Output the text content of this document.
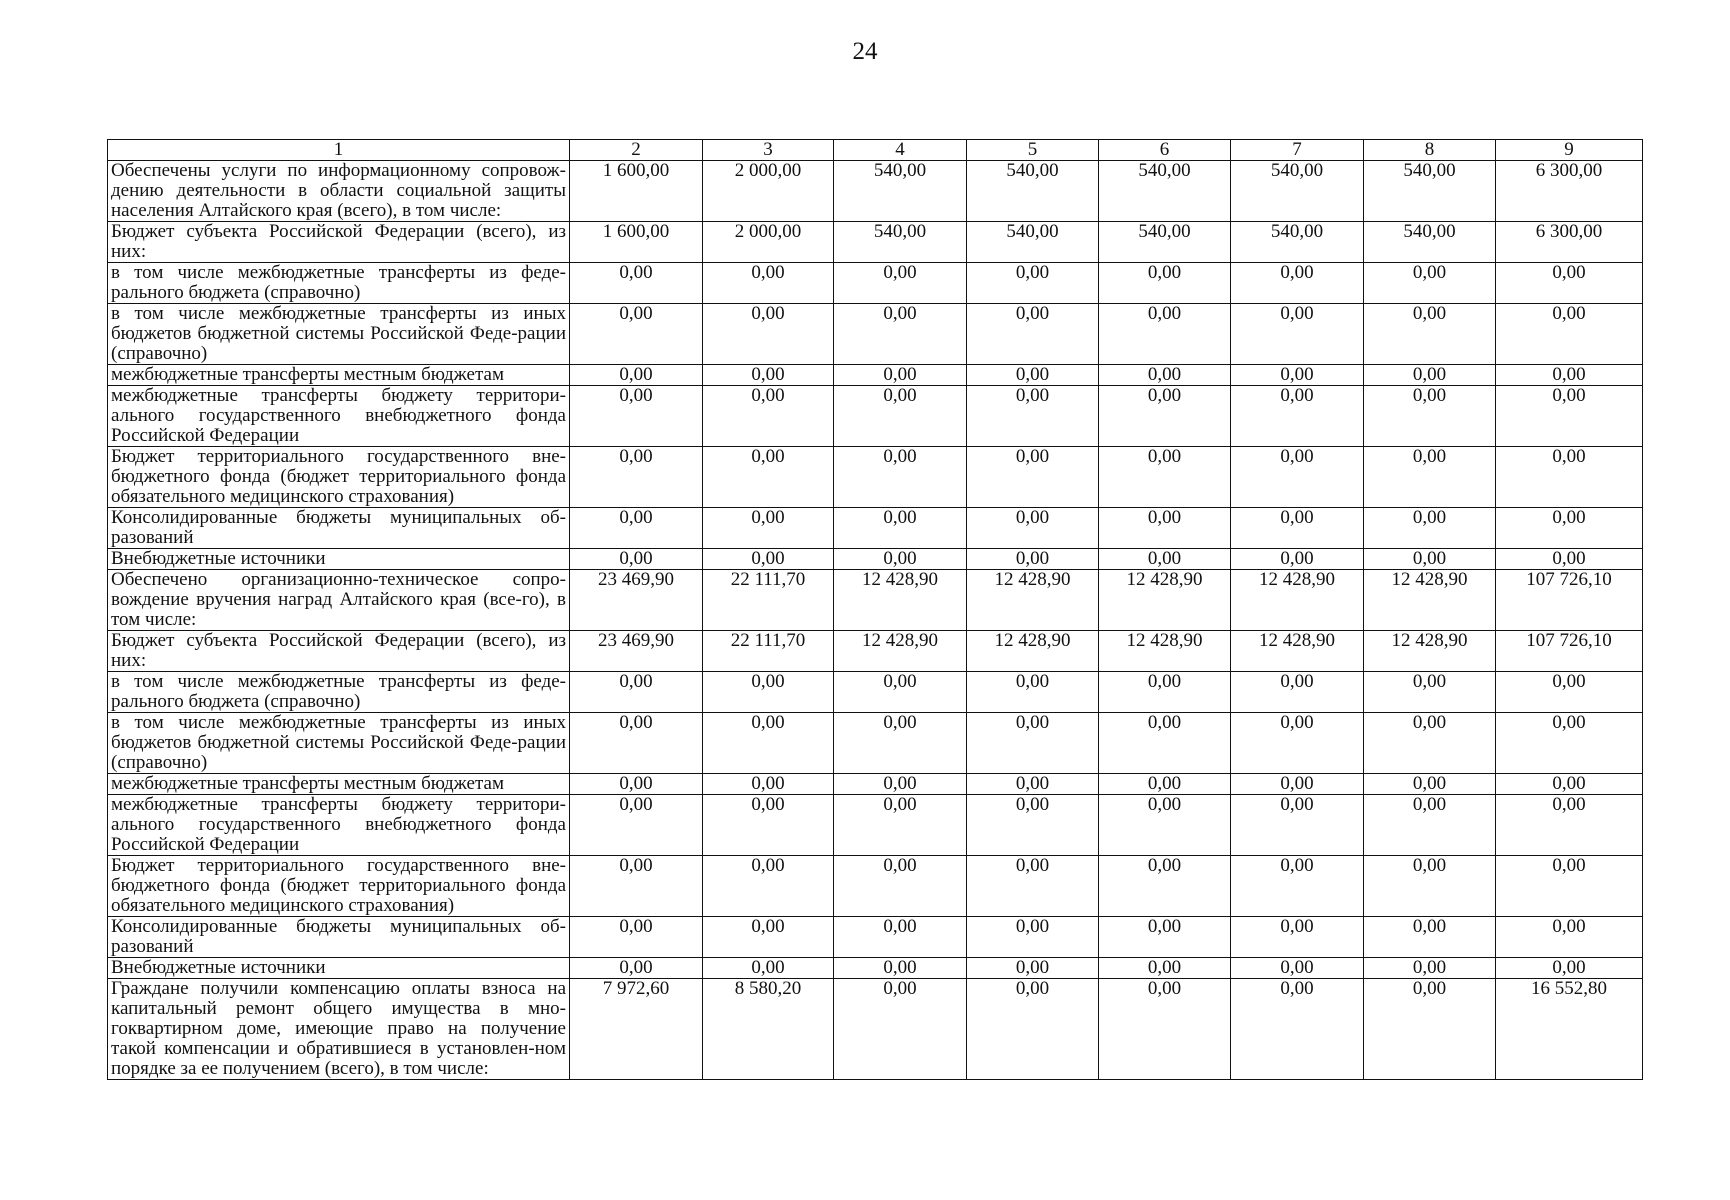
24
1	2	3	4	5	6	7	8	9
Обеспечены услуги по информационному сопровож-дению деятельности в области социальной защиты населения Алтайского края (всего), в том числе:	1 600,00	2 000,00	540,00	540,00	540,00	540,00	540,00	6 300,00
Бюджет субъекта Российской Федерации (всего), из них:	1 600,00	2 000,00	540,00	540,00	540,00	540,00	540,00	6 300,00
в том числе межбюджетные трансферты из феде-рального бюджета (справочно)	0,00	0,00	0,00	0,00	0,00	0,00	0,00	0,00
в том числе межбюджетные трансферты из иных бюджетов бюджетной системы Российской Феде-рации (справочно)	0,00	0,00	0,00	0,00	0,00	0,00	0,00	0,00
межбюджетные трансферты местным бюджетам	0,00	0,00	0,00	0,00	0,00	0,00	0,00	0,00
межбюджетные трансферты бюджету территори-ального государственного внебюджетного фонда Российской Федерации	0,00	0,00	0,00	0,00	0,00	0,00	0,00	0,00
Бюджет территориального государственного вне-бюджетного фонда (бюджет территориального фонда обязательного медицинского страхования)	0,00	0,00	0,00	0,00	0,00	0,00	0,00	0,00
Консолидированные бюджеты муниципальных об-разований	0,00	0,00	0,00	0,00	0,00	0,00	0,00	0,00
Внебюджетные источники	0,00	0,00	0,00	0,00	0,00	0,00	0,00	0,00
Обеспечено организационно-техническое сопро-вождение вручения наград Алтайского края (все-го), в том числе:	23 469,90	22 111,70	12 428,90	12 428,90	12 428,90	12 428,90	12 428,90	107 726,10
Бюджет субъекта Российской Федерации (всего), из них:	23 469,90	22 111,70	12 428,90	12 428,90	12 428,90	12 428,90	12 428,90	107 726,10
в том числе межбюджетные трансферты из феде-рального бюджета (справочно)	0,00	0,00	0,00	0,00	0,00	0,00	0,00	0,00
в том числе межбюджетные трансферты из иных бюджетов бюджетной системы Российской Феде-рации (справочно)	0,00	0,00	0,00	0,00	0,00	0,00	0,00	0,00
межбюджетные трансферты местным бюджетам	0,00	0,00	0,00	0,00	0,00	0,00	0,00	0,00
межбюджетные трансферты бюджету территори-ального государственного внебюджетного фонда Российской Федерации	0,00	0,00	0,00	0,00	0,00	0,00	0,00	0,00
Бюджет территориального государственного вне-бюджетного фонда (бюджет территориального фонда обязательного медицинского страхования)	0,00	0,00	0,00	0,00	0,00	0,00	0,00	0,00
Консолидированные бюджеты муниципальных об-разований	0,00	0,00	0,00	0,00	0,00	0,00	0,00	0,00
Внебюджетные источники	0,00	0,00	0,00	0,00	0,00	0,00	0,00	0,00
Граждане получили компенсацию оплаты взноса на капитальный ремонт общего имущества в мно-гоквартирном доме, имеющие право на получение такой компенсации и обратившиеся в установлен-ном порядке за ее получением (всего), в том числе:	7 972,60	8 580,20	0,00	0,00	0,00	0,00	0,00	16 552,80
